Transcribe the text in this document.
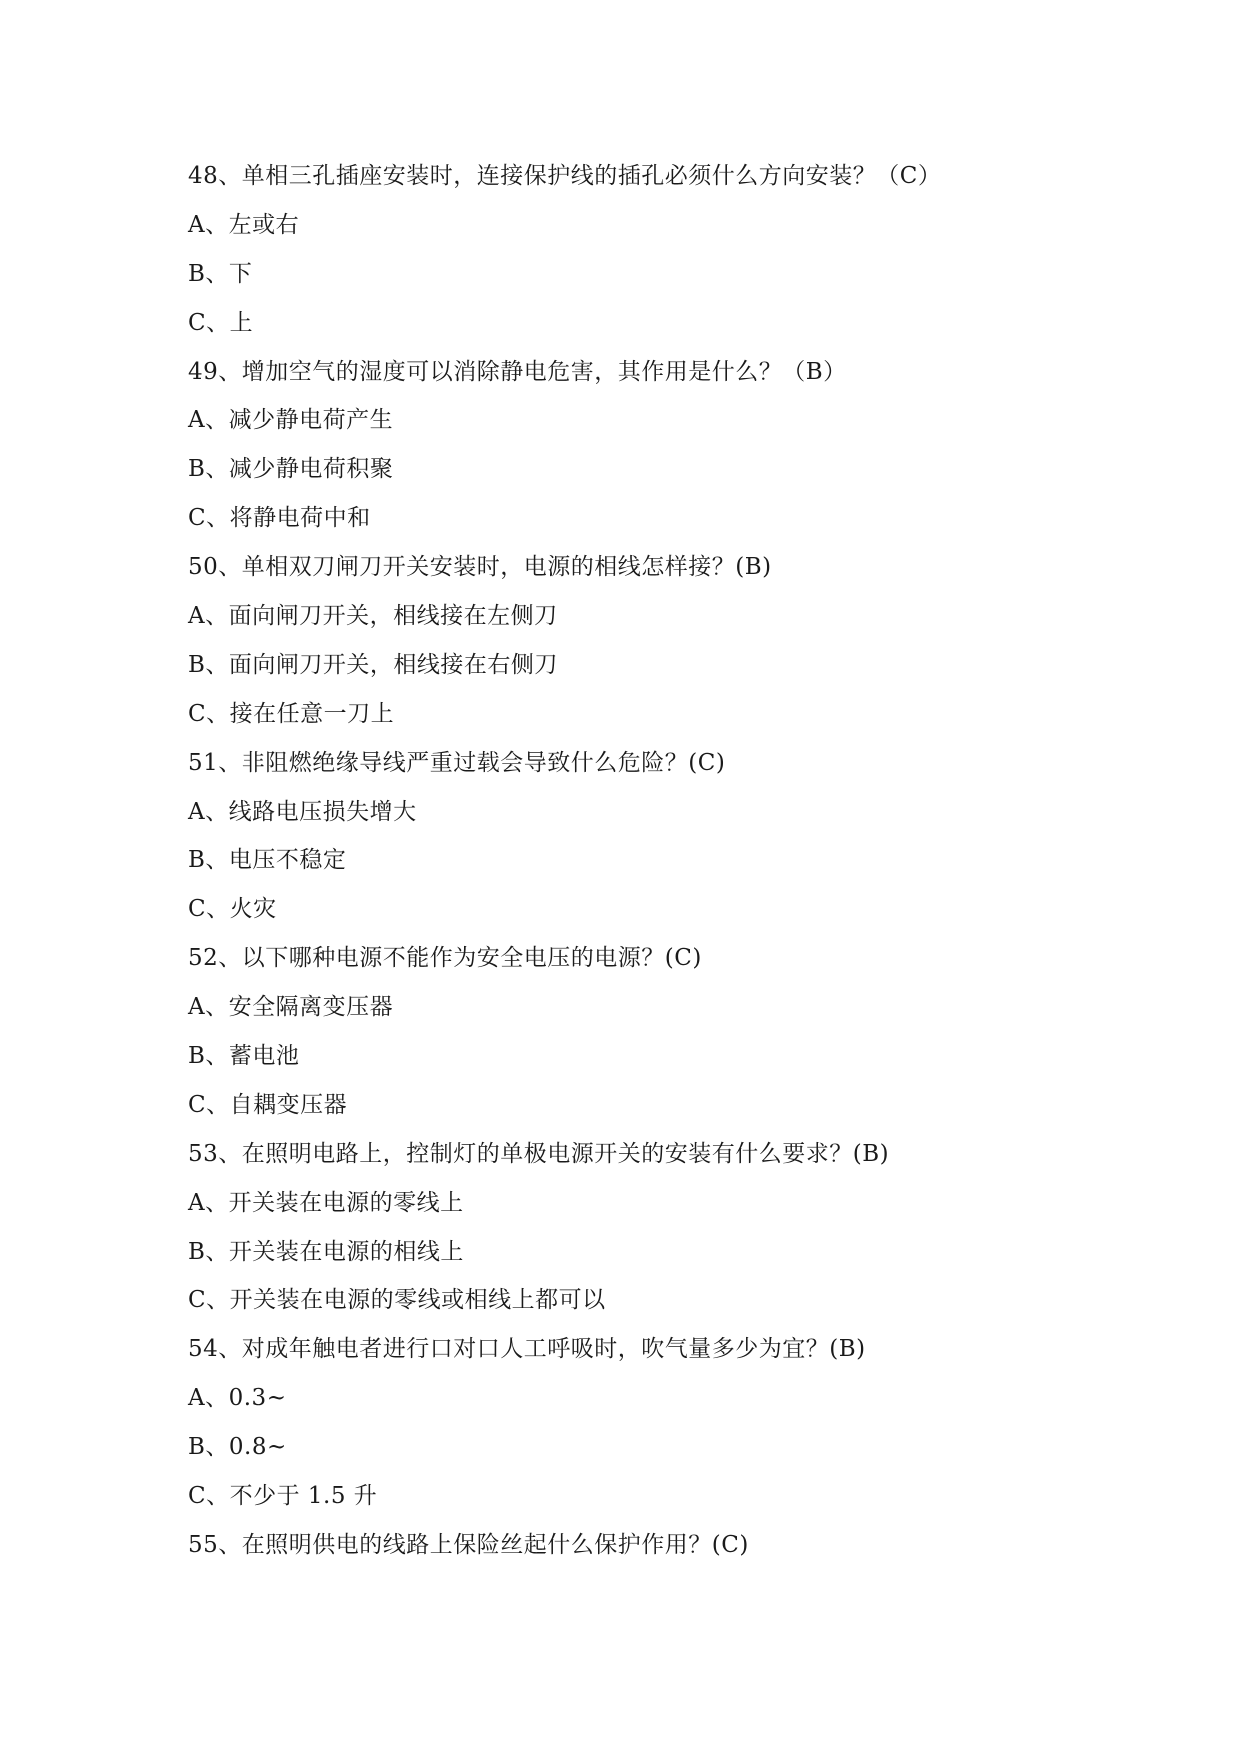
48、单相三孔插座安装时，连接保护线的插孔必须什么方向安装？（C）
A、左或右
B、下
C、上
49、增加空气的湿度可以消除静电危害，其作用是什么？（B）
A、减少静电荷产生
B、减少静电荷积聚
C、将静电荷中和
50、单相双刀闸刀开关安装时，电源的相线怎样接？(B)
A、面向闸刀开关，相线接在左侧刀
B、面向闸刀开关，相线接在右侧刀
C、接在任意一刀上
51、非阻燃绝缘导线严重过载会导致什么危险？(C)
A、线路电压损失增大
B、电压不稳定
C、火灾
52、以下哪种电源不能作为安全电压的电源？(C)
A、安全隔离变压器
B、蓄电池
C、自耦变压器
53、在照明电路上，控制灯的单极电源开关的安装有什么要求？(B)
A、开关装在电源的零线上
B、开关装在电源的相线上
C、开关装在电源的零线或相线上都可以
54、对成年触电者进行口对口人工呼吸时，吹气量多少为宜？(B)
A、0.3~
B、0.8~
C、不少于 1.5 升
55、在照明供电的线路上保险丝起什么保护作用？(C)
